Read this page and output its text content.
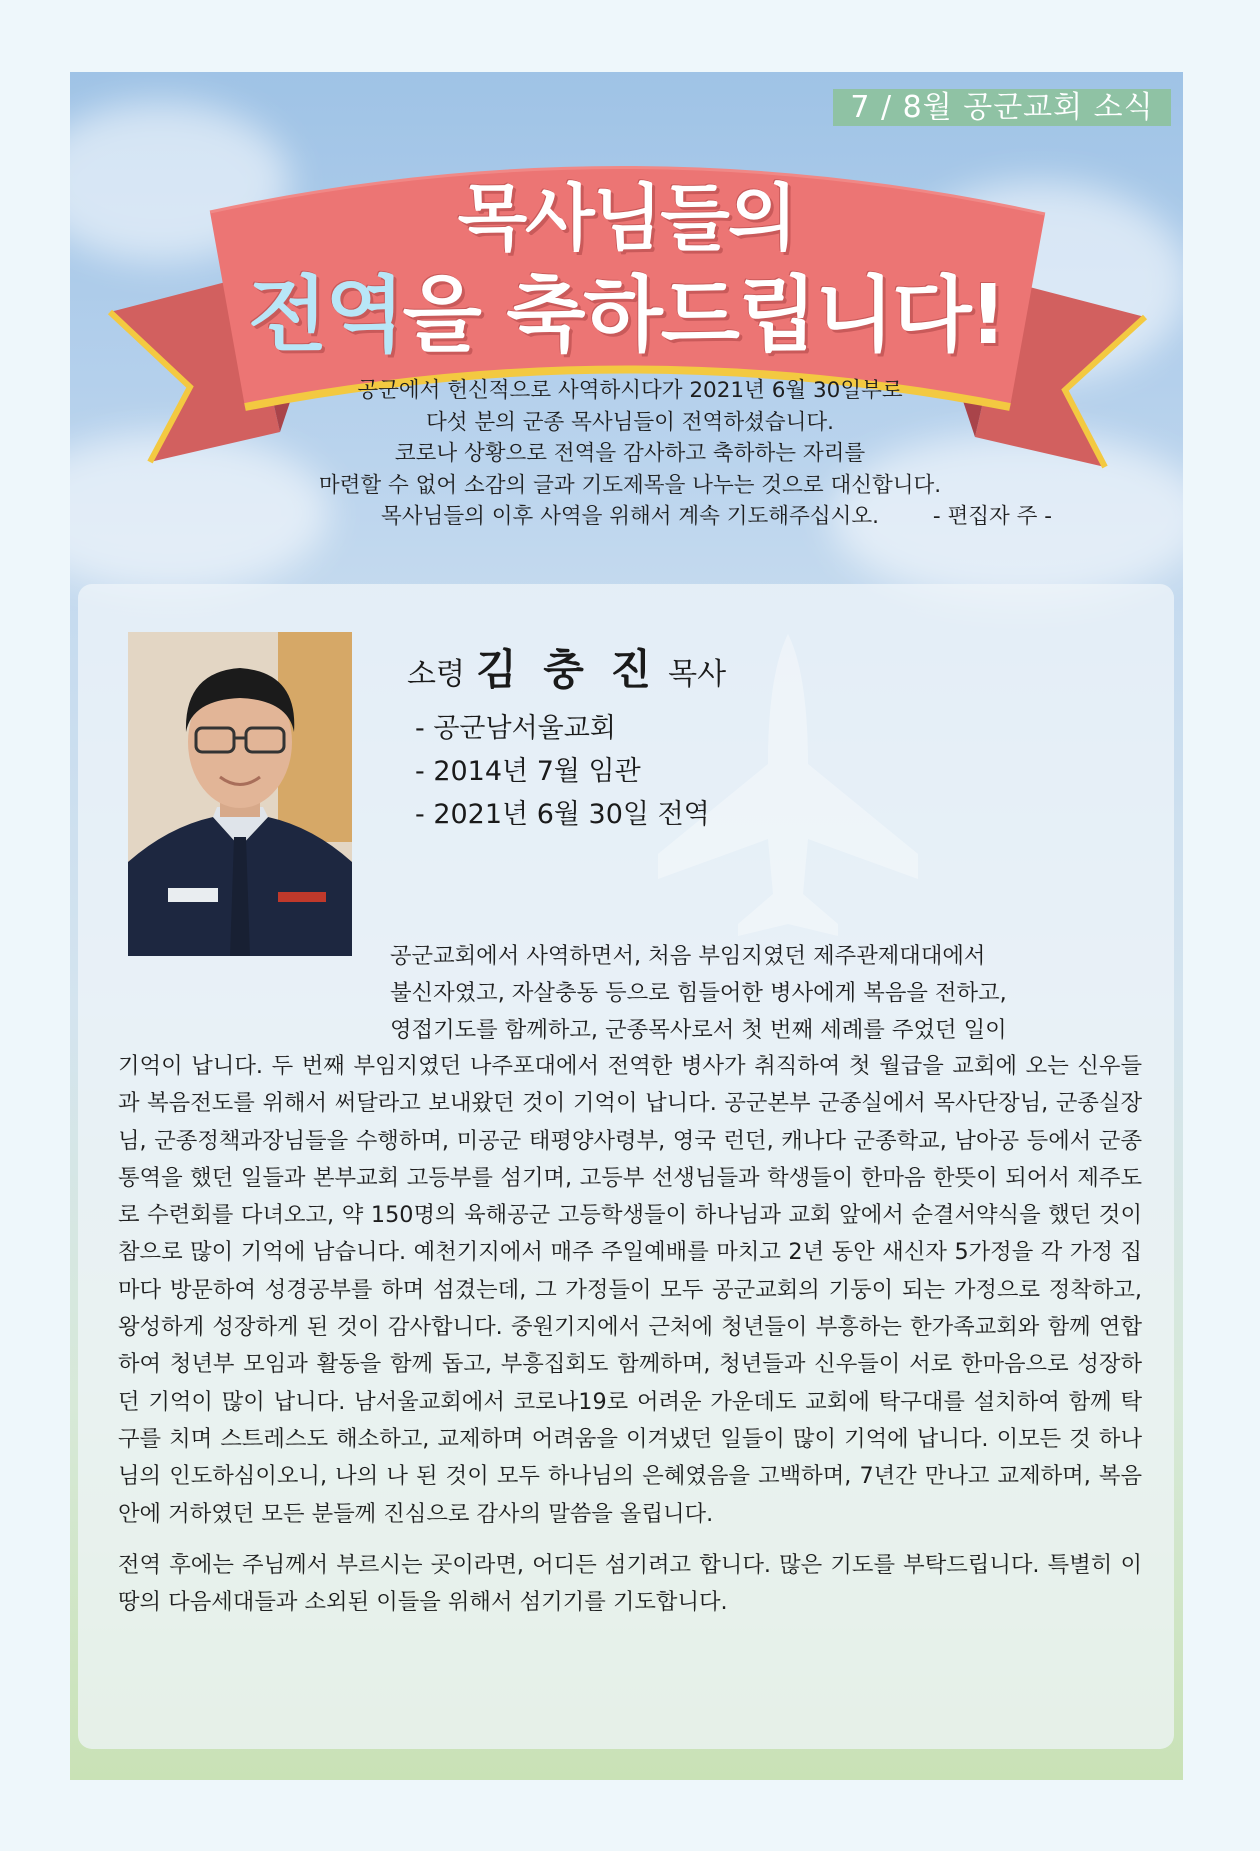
7 / 8월 공군교회 소식
목사님들의
전역을 축하드립니다!
공군에서 헌신적으로 사역하시다가 2021년 6월 30일부로
다섯 분의 군종 목사님들이 전역하셨습니다.
코로나 상황으로 전역을 감사하고 축하하는 자리를
마련할 수 없어 소감의 글과 기도제목을 나누는 것으로 대신합니다.
목사님들의 이후 사역을 위해서 계속 기도해주십시오.	- 편집자 주 -
소령 김 충 진 목사
- 공군남서울교회
- 2014년 7월 임관
- 2021년 6월 30일 전역
공군교회에서 사역하면서, 처음 부임지였던 제주관제대대에서
불신자였고, 자살충동 등으로 힘들어한 병사에게 복음을 전하고,
영접기도를 함께하고, 군종목사로서 첫 번째 세례를 주었던 일이

기억이 납니다. 두 번째 부임지였던 나주포대에서 전역한 병사가 취직하여 첫 월급을 교회에 오는 신우들과 복음전도를 위해서 써달라고 보내왔던 것이 기억이 납니다. 공군본부 군종실에서 목사단장님, 군종실장님, 군종정책과장님들을 수행하며, 미공군 태평양사령부, 영국 런던, 캐나다 군종학교, 남아공 등에서 군종통역을 했던 일들과 본부교회 고등부를 섬기며, 고등부 선생님들과 학생들이 한마음 한뜻이 되어서 제주도로 수련회를 다녀오고, 약 150명의 육해공군 고등학생들이 하나님과 교회 앞에서 순결서약식을 했던 것이 참으로 많이 기억에 남습니다. 예천기지에서 매주 주일예배를 마치고 2년 동안 새신자 5가정을 각 가정 집 마다 방문하여 성경공부를 하며 섬겼는데, 그 가정들이 모두 공군교회의 기둥이 되는 가정으로 정착하고, 왕성하게 성장하게 된 것이 감사합니다. 중원기지에서 근처에 청년들이 부흥하는 한가족교회와 함께 연합하여 청년부 모임과 활동을 함께 돕고, 부흥집회도 함께하며, 청년들과 신우들이 서로 한마음으로 성장하던 기억이 많이 납니다. 남서울교회에서 코로나19로 어려운 가운데도 교회에 탁구대를 설치하여 함께 탁구를 치며 스트레스도 해소하고, 교제하며 어려움을 이겨냈던 일들이 많이 기억에 납니다. 이모든 것 하나님의 인도하심이오니, 나의 나 된 것이 모두 하나님의 은혜였음을 고백하며, 7년간 만나고 교제하며, 복음 안에 거하였던 모든 분들께 진심으로 감사의 말씀을 올립니다.

전역 후에는 주님께서 부르시는 곳이라면, 어디든 섬기려고 합니다. 많은 기도를 부탁드립니다. 특별히 이 땅의 다음세대들과 소외된 이들을 위해서 섬기기를 기도합니다.
